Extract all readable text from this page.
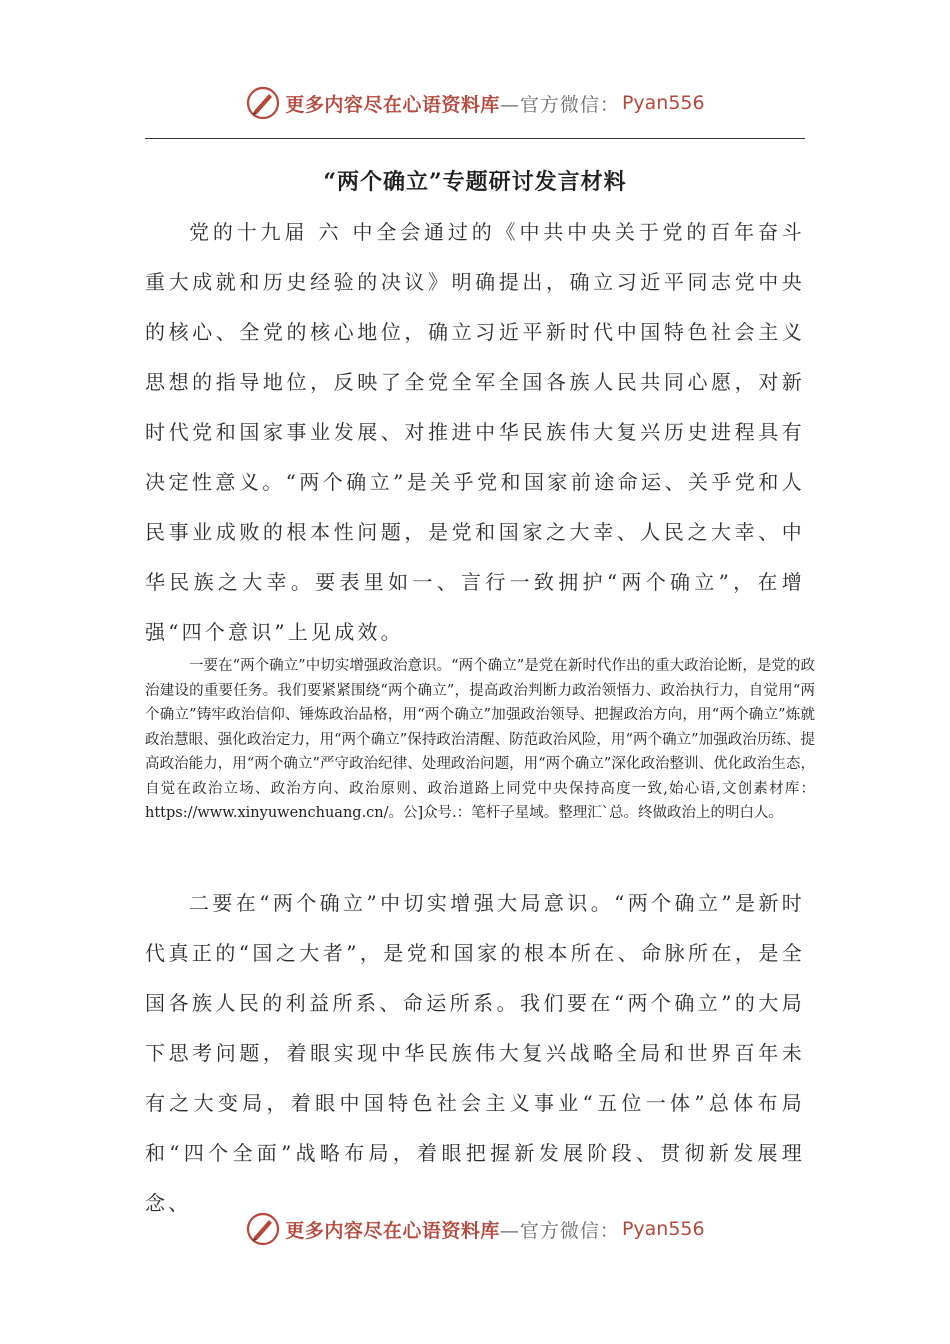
更多内容尽在心语资料库 —官方微信： Pyan556
“两个确立”专题研讨发言材料

党的十九届 六 中全会通过的《中共中央关于党的百年奋斗重大成就和历史经验的决议》明确提出，确立习近平同志党中央的核心、全党的核心地位，确立习近平新时代中国特色社会主义思想的指导地位，反映了全党全军全国各族人民共同心愿，对新时代党和国家事业发展、对推进中华民族伟大复兴历史进程具有决定性意义。“两个确立”是关乎党和国家前途命运、关乎党和人民事业成败的根本性问题，是党和国家之大幸、人民之大幸、中华民族之大幸。要表里如一、言行一致拥护“两个确立”，在增强“四个意识”上见成效。

一要在“两个确立”中切实增强政治意识。“两个确立”是党在新时代作出的重大政治论断，是党的政治建设的重要任务。我们要紧紧围绕“两个确立”，提高政治判断力政治领悟力、政治执行力，自觉用“两个确立”铸牢政治信仰、锤炼政治品格，用“两个确立”加强政治领导、把握政治方向，用“两个确立”炼就政治慧眼、强化政治定力，用“两个确立”保持政治清醒、防范政治风险，用“两个确立”加强政治历练、提高政治能力，用“两个确立”严守政治纪律、处理政治问题，用“两个确立”深化政治整训、优化政治生态，自觉在政治立场、政治方向、政治原则、政治道路上同党中央保持高度一致,始心语,文创素材库：https://www.xinyuwenchuang.cn/。公]众号.：笔杆子星域。整理汇`总。终做政治上的明白人。

二要在“两个确立”中切实增强大局意识。“两个确立”是新时代真正的“国之大者”，是党和国家的根本所在、命脉所在，是全国各族人民的利益所系、命运所系。我们要在“两个确立”的大局下思考问题，着眼实现中华民族伟大复兴战略全局和世界百年未有之大变局，着眼中国特色社会主义事业“五位一体”总体布局和“四个全面”战略布局，着眼把握新发展阶段、贯彻新发展理念、

更多内容尽在心语资料库 —官方微信： Pyan556
